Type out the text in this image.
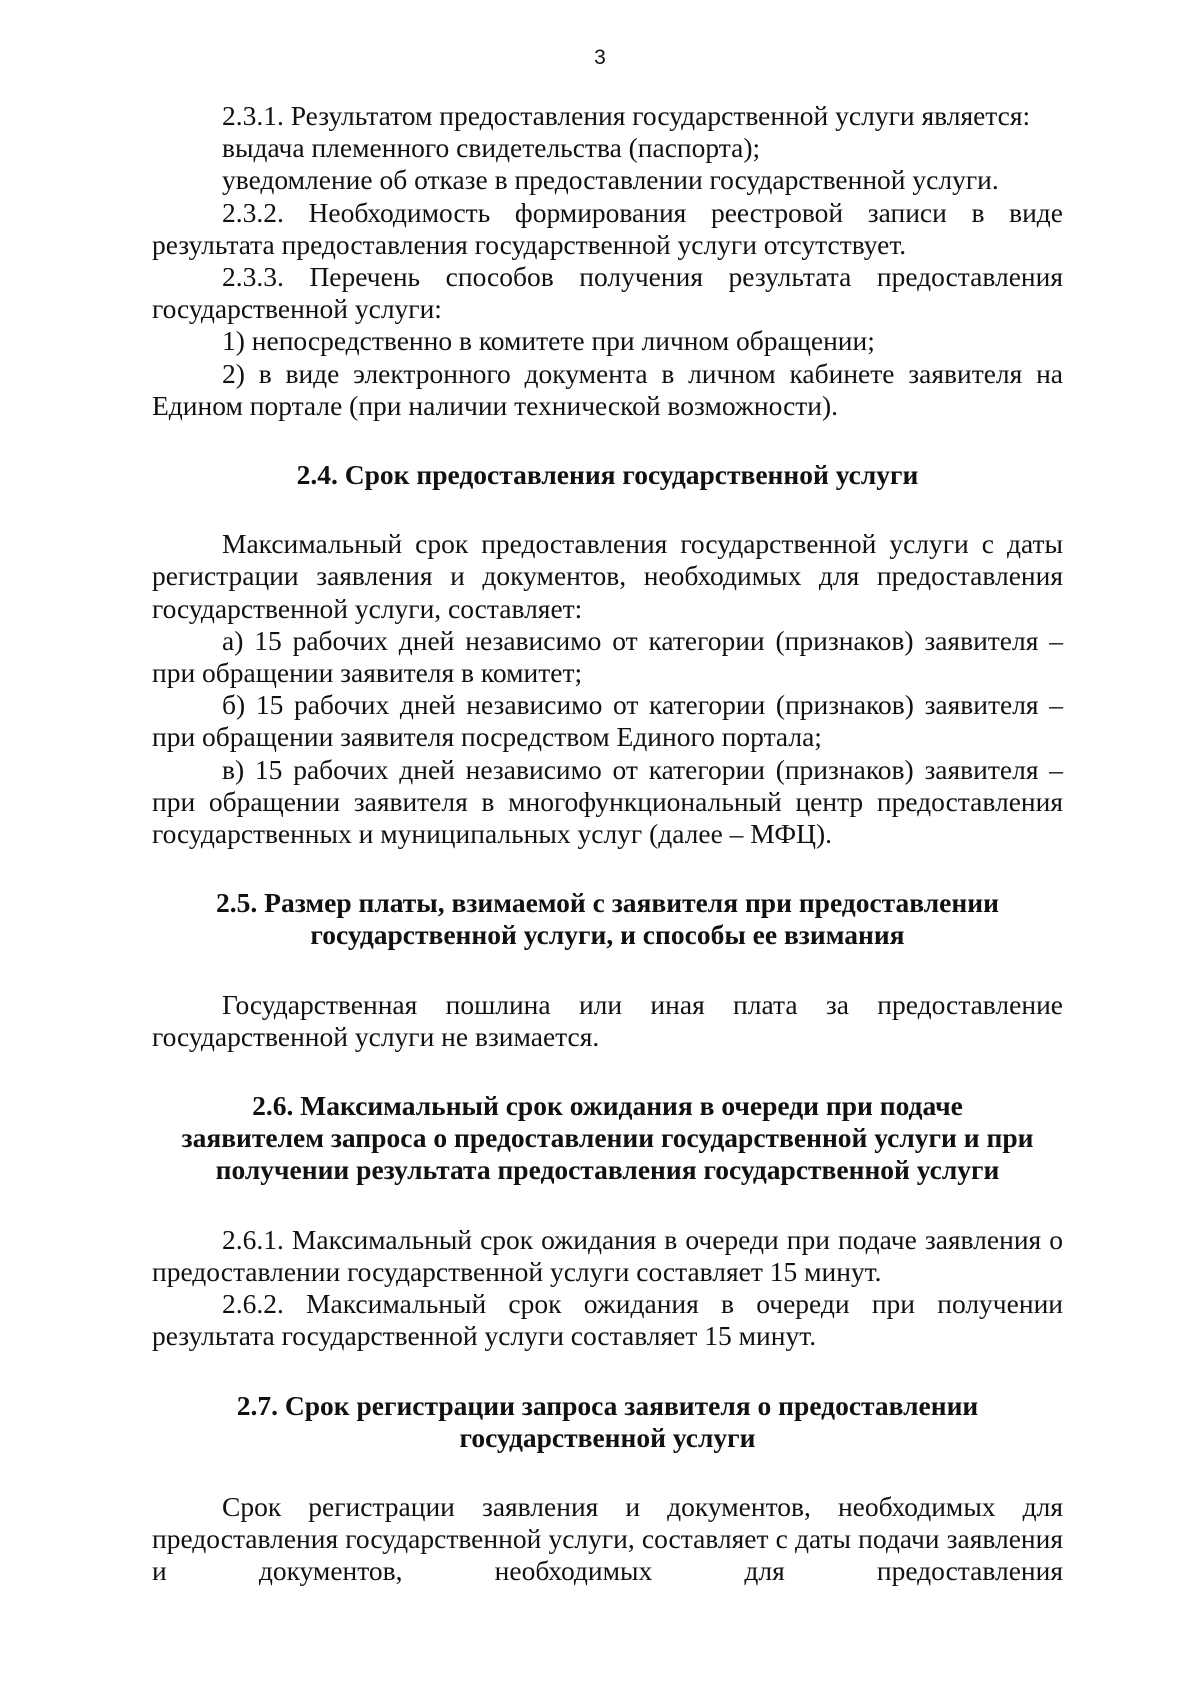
3

2.3.1. Результатом предоставления государственной услуги является:

выдача племенного свидетельства (паспорта);

уведомление об отказе в предоставлении государственной услуги.

2.3.2. Необходимость формирования реестровой записи в виде результата предоставления государственной услуги отсутствует.

2.3.3. Перечень способов получения результата предоставления государственной услуги:

1) непосредственно в комитете при личном обращении;

2) в виде электронного документа в личном кабинете заявителя на Едином портале (при наличии технической возможности).

2.4. Срок предоставления государственной услуги

Максимальный срок предоставления государственной услуги с даты регистрации заявления и документов, необходимых для предоставления государственной услуги, составляет:

а) 15 рабочих дней независимо от категории (признаков) заявителя – при обращении заявителя в комитет;

б) 15 рабочих дней независимо от категории (признаков) заявителя – при обращении заявителя посредством Единого портала;

в) 15 рабочих дней независимо от категории (признаков) заявителя – при обращении заявителя в многофункциональный центр предоставления государственных и муниципальных услуг (далее – МФЦ).

2.5. Размер платы, взимаемой с заявителя при предоставлении

государственной услуги, и способы ее взимания

Государственная пошлина или иная плата за предоставление государственной услуги не взимается.

2.6. Максимальный срок ожидания в очереди при подаче

заявителем запроса о предоставлении государственной услуги и при

получении результата предоставления государственной услуги

2.6.1. Максимальный срок ожидания в очереди при подаче заявления о предоставлении государственной услуги составляет 15 минут.

2.6.2. Максимальный срок ожидания в очереди при получении результата государственной услуги составляет 15 минут.

2.7. Срок регистрации запроса заявителя о предоставлении

государственной услуги

Срок регистрации заявления и документов, необходимых для предоставления государственной услуги, составляет с даты подачи заявления и документов, необходимых для предоставления
